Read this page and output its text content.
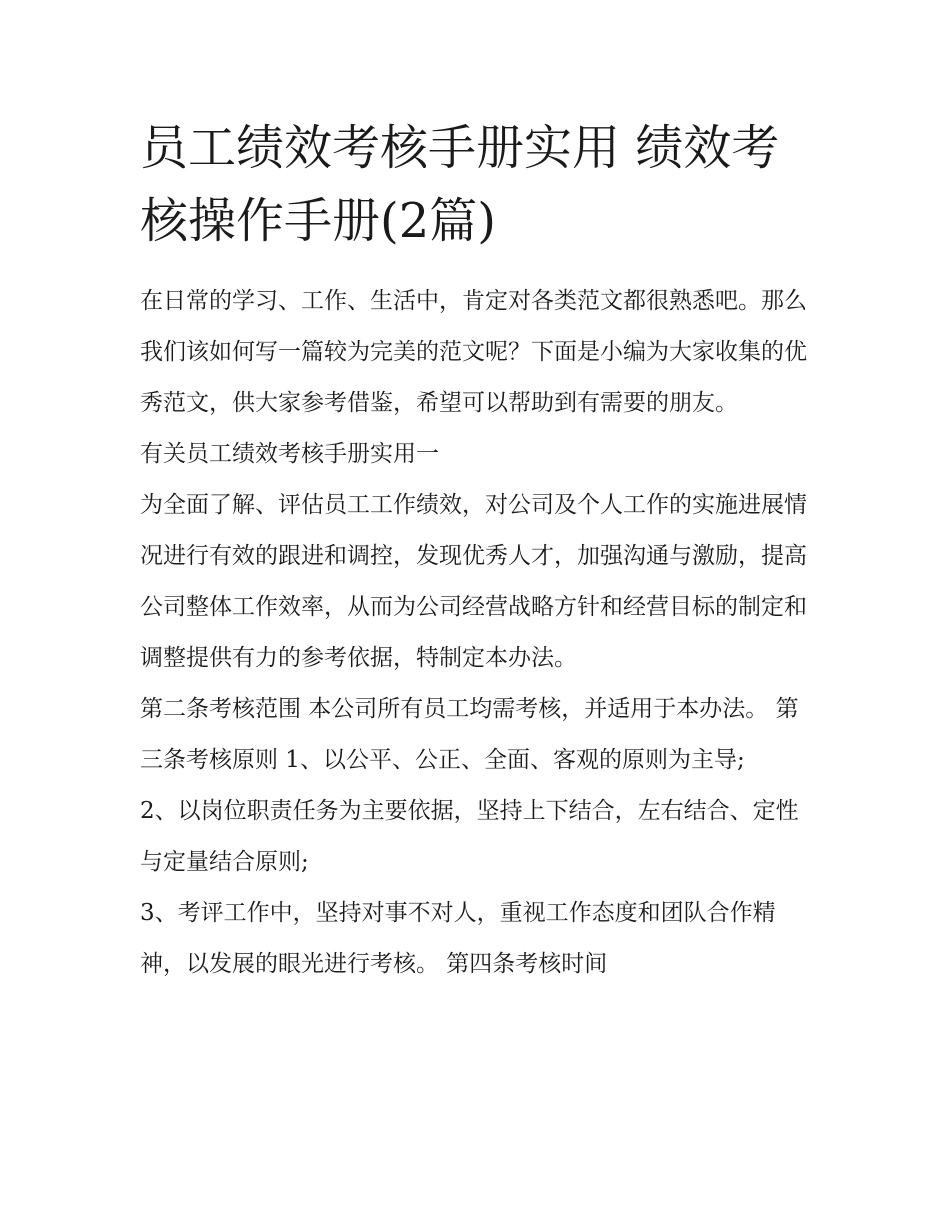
员工绩效考核手册实用 绩效考核操作手册(2篇)

在日常的学习、工作、生活中，肯定对各类范文都很熟悉吧。那么我们该如何写一篇较为完美的范文呢？下面是小编为大家收集的优秀范文，供大家参考借鉴，希望可以帮助到有需要的朋友。

有关员工绩效考核手册实用一

为全面了解、评估员工工作绩效，对公司及个人工作的实施进展情况进行有效的跟进和调控，发现优秀人才，加强沟通与激励，提高公司整体工作效率，从而为公司经营战略方针和经营目标的制定和调整提供有力的参考依据，特制定本办法。

第二条考核范围 本公司所有员工均需考核，并适用于本办法。 第三条考核原则 1、以公平、公正、全面、客观的原则为主导;

2、以岗位职责任务为主要依据，坚持上下结合，左右结合、定性与定量结合原则;

3、考评工作中，坚持对事不对人，重视工作态度和团队合作精神，以发展的眼光进行考核。 第四条考核时间
